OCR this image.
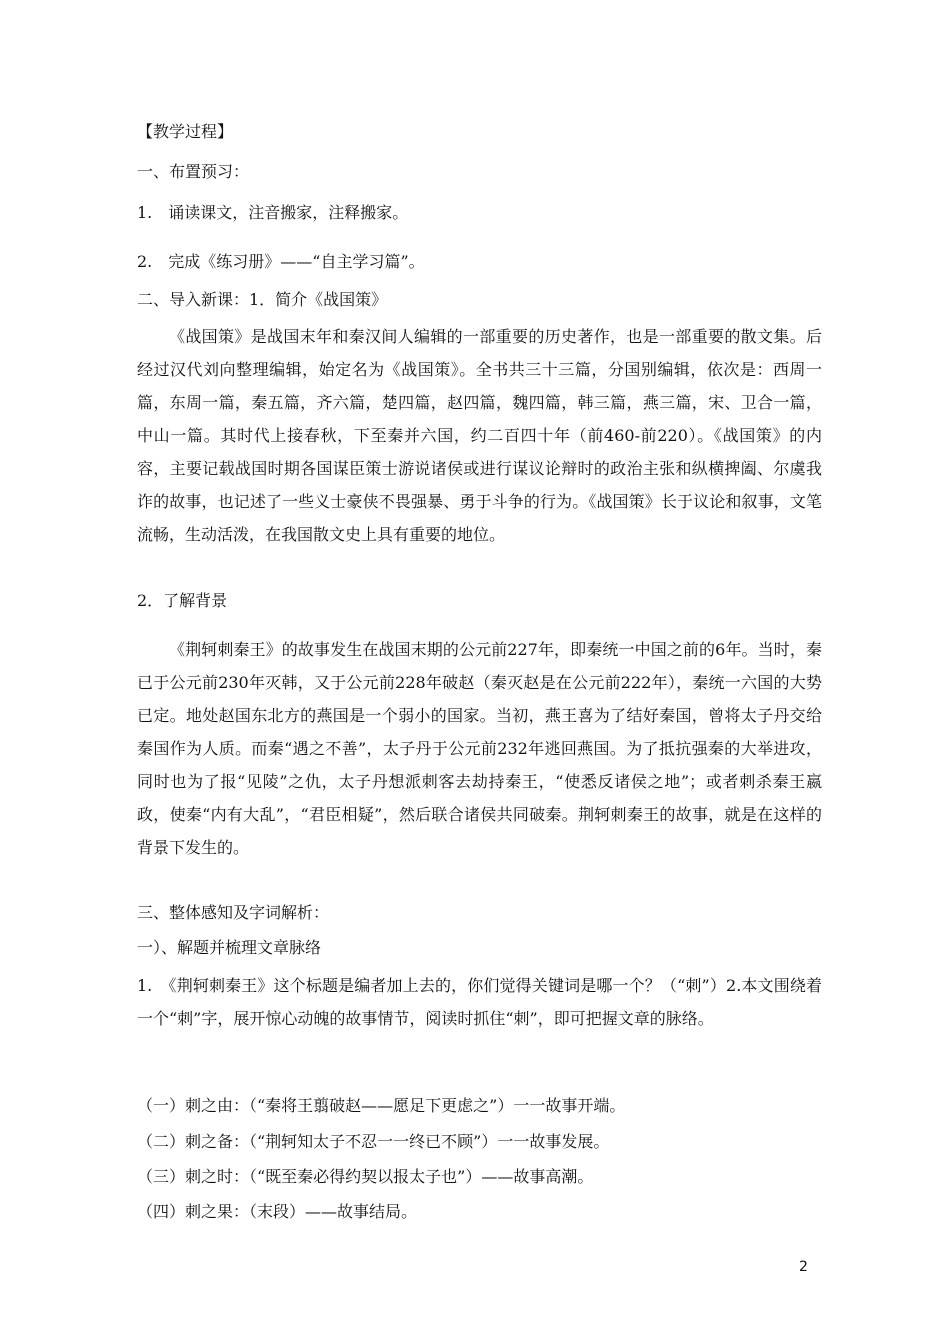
【教学过程】
一、布置预习：
1.　诵读课文，注音搬家，注释搬家。
2.　完成《练习册》——“自主学习篇”。
二、导入新课：1．简介《战国策》
《战国策》是战国末年和秦汉间人编辑的一部重要的历史著作，也是一部重要的散文集。后经过汉代刘向整理编辑，始定名为《战国策》。全书共三十三篇，分国别编辑，依次是：西周一篇，东周一篇，秦五篇，齐六篇，楚四篇，赵四篇，魏四篇，韩三篇，燕三篇，宋、卫合一篇，中山一篇。其时代上接春秋，下至秦并六国，约二百四十年（前460-前220）。《战国策》的内容，主要记载战国时期各国谋臣策士游说诸侯或进行谋议论辩时的政治主张和纵横捭阖、尔虞我诈的故事，也记述了一些义士豪侠不畏强暴、勇于斗争的行为。《战国策》长于议论和叙事，文笔流畅，生动活泼，在我国散文史上具有重要的地位。
2．了解背景
《荆轲刺秦王》的故事发生在战国末期的公元前227年，即秦统一中国之前的6年。当时，秦已于公元前230年灭韩，又于公元前228年破赵（秦灭赵是在公元前222年），秦统一六国的大势已定。地处赵国东北方的燕国是一个弱小的国家。当初，燕王喜为了结好秦国，曾将太子丹交给秦国作为人质。而秦“遇之不善”，太子丹于公元前232年逃回燕国。为了抵抗强秦的大举进攻，同时也为了报“见陵”之仇，太子丹想派刺客去劫持秦王，“使悉反诸侯之地”；或者刺杀秦王嬴政，使秦“内有大乱”，“君臣相疑”，然后联合诸侯共同破秦。荆轲刺秦王的故事，就是在这样的背景下发生的。
三、整体感知及字词解析：
一）、解题并梳理文章脉络
1.　《荆轲刺秦王》这个标题是编者加上去的，你们觉得关键词是哪一个？（“刺”）2.本文围绕着一个“刺”字，展开惊心动魄的故事情节，阅读时抓住“刺”，即可把握文章的脉络。
（一）刺之由：（“秦将王翦破赵——愿足下更虑之”）一一故事开端。
（二）刺之备：（“荆轲知太子不忍一一终已不顾”）一一故事发展。
（三）刺之时：（“既至秦必得约契以报太子也”）——故事高潮。
（四）刺之果：（末段）——故事结局。
2
